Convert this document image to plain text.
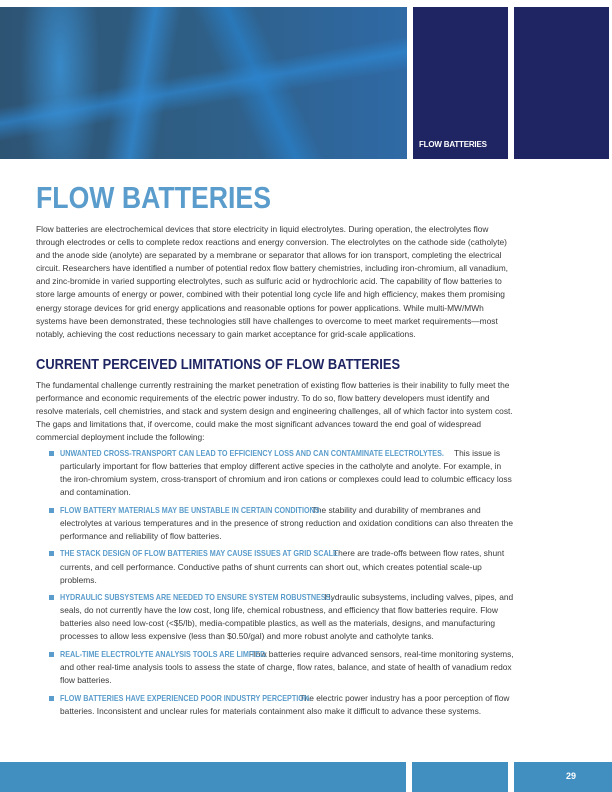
FLOW BATTERIES
FLOW BATTERIES

Flow batteries are electrochemical devices that store electricity in liquid electrolytes. During operation, the electrolytes flow through electrodes or cells to complete redox reactions and energy conversion. The electrolytes on the cathode side (catholyte) and the anode side (anolyte) are separated by a membrane or separator that allows for ion transport, completing the electrical circuit. Researchers have identified a number of potential redox flow battery chemistries, including iron-chromium, all vanadium, and zinc-bromide in varied supporting electrolytes, such as sulfuric acid or hydrochloric acid. The capability of flow batteries to store large amounts of energy or power, combined with their potential long cycle life and high efficiency, makes them promising energy storage devices for grid energy applications and reasonable options for power applications. While multi-MW/MWh systems have been demonstrated, these technologies still have challenges to overcome to meet market requirements—most notably, achieving the cost reductions necessary to gain market acceptance for grid-scale applications.

CURRENT PERCEIVED LIMITATIONS OF FLOW BATTERIES

The fundamental challenge currently restraining the market penetration of existing flow batteries is their inability to fully meet the performance and economic requirements of the electric power industry. To do so, flow battery developers must identify and resolve materials, cell chemistries, and stack and system design and engineering challenges, all of which factor into system cost. The gaps and limitations that, if overcome, could make the most significant advances toward the end goal of widespread commercial deployment include the following:

UNWANTED CROSS-TRANSPORT CAN LEAD TO EFFICIENCY LOSS AND CAN CONTAMINATE ELECTROLYTES. This issue is particularly important for flow batteries that employ different active species in the catholyte and anolyte. For example, in the iron-chromium system, cross-transport of chromium and iron cations or complexes could lead to columbic efficacy loss and contamination.
FLOW BATTERY MATERIALS MAY BE UNSTABLE IN CERTAIN CONDITIONS. The stability and durability of membranes and electrolytes at various temperatures and in the presence of strong reduction and oxidation conditions can also threaten the performance and reliability of flow batteries.
THE STACK DESIGN OF FLOW BATTERIES MAY CAUSE ISSUES AT GRID SCALE. There are trade-offs between flow rates, shunt currents, and cell performance. Conductive paths of shunt currents can short out, which creates potential scale-up problems.
HYDRAULIC SUBSYSTEMS ARE NEEDED TO ENSURE SYSTEM ROBUSTNESS. Hydraulic subsystems, including valves, pipes, and seals, do not currently have the low cost, long life, chemical robustness, and efficiency that flow batteries require. Flow batteries also need low-cost (<$5/lb), media-compatible plastics, as well as the materials, designs, and manufacturing processes to allow less expensive (less than $0.50/gal) and more robust anolyte and catholyte tanks.
REAL-TIME ELECTROLYTE ANALYSIS TOOLS ARE LIMITED. Flow batteries require advanced sensors, real-time monitoring systems, and other real-time analysis tools to assess the state of charge, flow rates, balance, and state of health of vanadium redox flow batteries.
FLOW BATTERIES HAVE EXPERIENCED POOR INDUSTRY PERCEPTION. The electric power industry has a poor perception of flow batteries. Inconsistent and unclear rules for materials containment also make it difficult to advance these systems.
29
